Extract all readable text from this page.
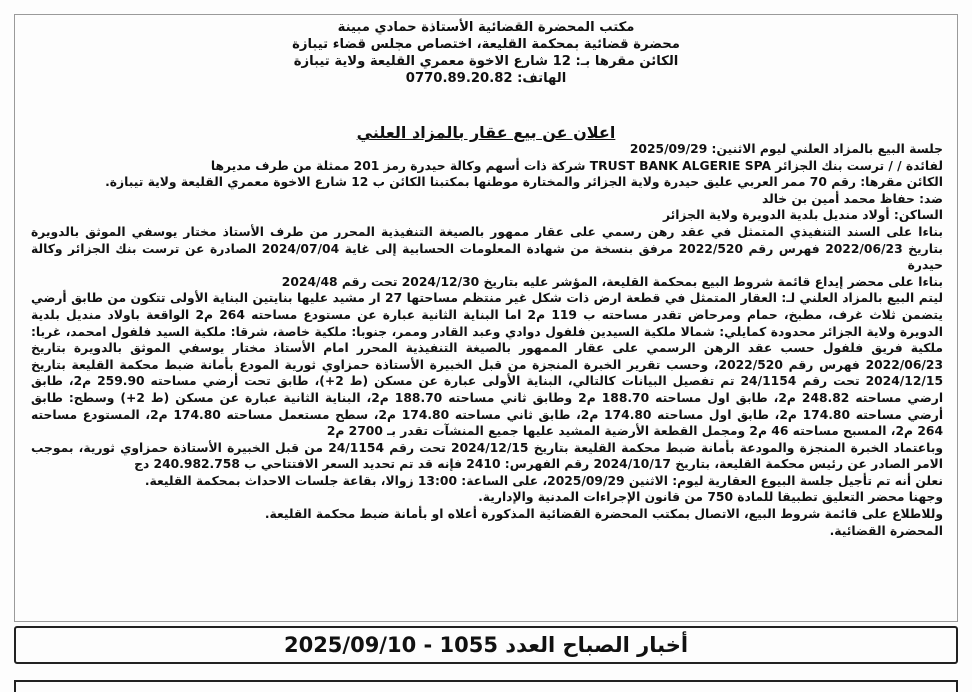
مكتب المحضرة القضائية الأستاذة حمادي مبينة
محضرة قضائية بمحكمة القليعة، اختصاص مجلس قضاء تيبازة
الكائن مقرها بـ: 12 شارع الاخوة معمري القليعة ولاية تيبازة
الهاتف: 0770.89.20.82
اعلان عن بيع عقار بالمزاد العلني

جلسة البيع بالمزاد العلني ليوم الاثنين: 2025/09/29

لفائدة / / ترست بنك الجزائر TRUST BANK ALGERIE SPA شركة ذات أسهم وكالة حيدرة رمز 201 ممثلة من طرف مديرها

الكائن مقرها: رقم 70 ممر العربي عليق حيدرة ولاية الجزائر والمختارة موطنها بمكتبنا الكائن ب 12 شارع الاخوة معمري القليعة ولاية تيبازة.

ضد: حفاظ محمد أمين بن خالد

الساكن: أولاد منديل بلدية الدويرة ولاية الجزائر

بناءا على السند التنفيذي المتمثل في عقد رهن رسمي على عقار ممهور بالصيغة التنفيذية المحرر من طرف الأستاذ مختار يوسفي الموثق بالدويرة بتاريخ 2022/06/23 فهرس رقم 2022/520 مرفق بنسخة من شهادة المعلومات الحسابية إلى غاية 2024/07/04 الصادرة عن ترست بنك الجزائر وكالة حيدرة

بناءا على محضر إيداع قائمة شروط البيع بمحكمة القليعة، المؤشر عليه بتاريخ 2024/12/30 تحت رقم 2024/48

ليتم البيع بالمزاد العلني لـ: العقار المتمثل في قطعة ارض ذات شكل غير منتظم مساحتها 27 ار مشيد عليها بنايتين البناية الأولى تتكون من طابق أرضي يتضمن ثلاث غرف، مطبخ، حمام ومرحاض تقدر مساحته ب 119 م2 اما البناية الثانية عبارة عن مستودع مساحته 264 م2 الواقعة باولاد منديل بلدية الدويرة ولاية الجزائر محدودة كمايلي: شمالا ملكية السيدين فلفول دوادي وعبد القادر وممر، جنوبا: ملكية خاصة، شرقا: ملكية السيد فلفول امحمد، غربا: ملكية فريق فلفول حسب عقد الرهن الرسمي على عقار الممهور بالصيغة التنفيذية المحرر امام الأستاذ مختار يوسفي الموثق بالدويرة بتاريخ 2022/06/23 فهرس رقم 2022/520، وحسب تقرير الخبرة المنجزة من قبل الخبيرة الأستاذة حمزاوي ثورية المودع بأمانة ضبط محكمة القليعة بتاريخ 2024/12/15 تحت رقم 24/1154 تم تفصيل البيانات كالتالي، البناية الأولى عبارة عن مسكن (ط 2+)، طابق تحت أرضي مساحته 259.90 م2، طابق ارضي مساحته 248.82 م2، طابق اول مساحته 188.70 م2 وطابق ثاني مساحته 188.70 م2، البناية الثانية عبارة عن مسكن (ط 2+) وسطح: طابق أرضي مساحته 174.80 م2، طابق اول مساحته 174.80 م2، طابق ثاني مساحته 174.80 م2، سطح مستعمل مساحته 174.80 م2، المستودع مساحته 264 م2، المسبح مساحته 46 م2 ومجمل القطعة الأرضية المشيد عليها جميع المنشآت تقدر بـ 2700 م2

وباعتماد الخبرة المنجزة والمودعة بأمانة ضبط محكمة القليعة بتاريخ 2024/12/15 تحت رقم 24/1154 من قبل الخبيرة الأستاذة حمزاوي ثورية، بموجب الامر الصادر عن رئيس محكمة القليعة، بتاريخ 2024/10/17 رقم الفهرس: 2410 فإنه قد تم تحديد السعر الافتتاحي ب 240.982.758 دج

نعلن أنه تم تأجيل جلسة البيوع العقارية ليوم: الاثنين 2025/09/29، على الساعة: 13:00 زوالا، بقاعة جلسات الاحداث بمحكمة القليعة.

وجهنا محضر التعليق تطبيقا للمادة 750 من قانون الإجراءات المدنية والإدارية.

وللاطلاع على قائمة شروط البيع، الاتصال بمكتب المحضرة القضائية المذكورة أعلاه او بأمانة ضبط محكمة القليعة.

المحضرة القضائية.

أخبار الصباح العدد 1055 - 2025/09/10
